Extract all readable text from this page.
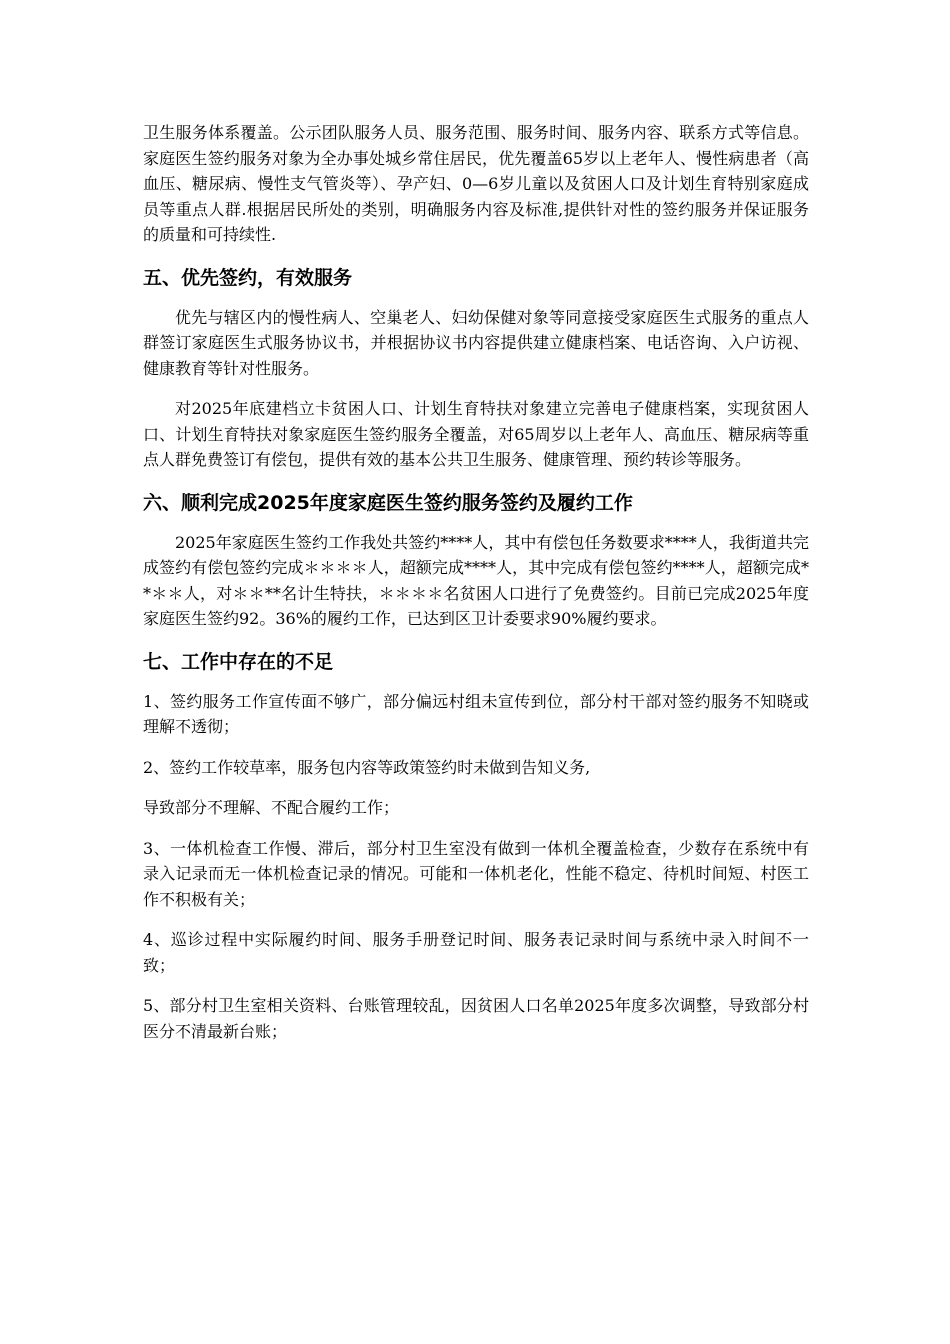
卫生服务体系覆盖。公示团队服务人员、服务范围、服务时间、服务内容、联系方式等信息。家庭医生签约服务对象为全办事处城乡常住居民，优先覆盖65岁以上老年人、慢性病患者（高血压、糖尿病、慢性支气管炎等）、孕产妇、0—6岁儿童以及贫困人口及计划生育特别家庭成员等重点人群.根据居民所处的类别，明确服务内容及标准,提供针对性的签约服务并保证服务的质量和可持续性.

五、优先签约，有效服务

优先与辖区内的慢性病人、空巢老人、妇幼保健对象等同意接受家庭医生式服务的重点人群签订家庭医生式服务协议书，并根据协议书内容提供建立健康档案、电话咨询、入户访视、健康教育等针对性服务。

对2025年底建档立卡贫困人口、计划生育特扶对象建立完善电子健康档案，实现贫困人口、计划生育特扶对象家庭医生签约服务全覆盖，对65周岁以上老年人、高血压、糖尿病等重点人群免费签订有偿包，提供有效的基本公共卫生服务、健康管理、预约转诊等服务。

六、顺利完成2025年度家庭医生签约服务签约及履约工作

2025年家庭医生签约工作我处共签约****人，其中有偿包任务数要求****人，我街道共完成签约有偿包签约完成＊＊＊＊人，超额完成****人，其中完成有偿包签约****人，超额完成**＊＊人，对＊＊**名计生特扶，＊＊＊＊名贫困人口进行了免费签约。目前已完成2025年度家庭医生签约92。36%的履约工作，已达到区卫计委要求90%履约要求。

七、工作中存在的不足

1、签约服务工作宣传面不够广，部分偏远村组未宣传到位，部分村干部对签约服务不知晓或理解不透彻；

2、签约工作较草率，服务包内容等政策签约时未做到告知义务,

导致部分不理解、不配合履约工作；

3、一体机检查工作慢、滞后，部分村卫生室没有做到一体机全覆盖检查，少数存在系统中有录入记录而无一体机检查记录的情况。可能和一体机老化，性能不稳定、待机时间短、村医工作不积极有关；

4、巡诊过程中实际履约时间、服务手册登记时间、服务表记录时间与系统中录入时间不一致；

5、部分村卫生室相关资料、台账管理较乱，因贫困人口名单2025年度多次调整，导致部分村医分不清最新台账；
